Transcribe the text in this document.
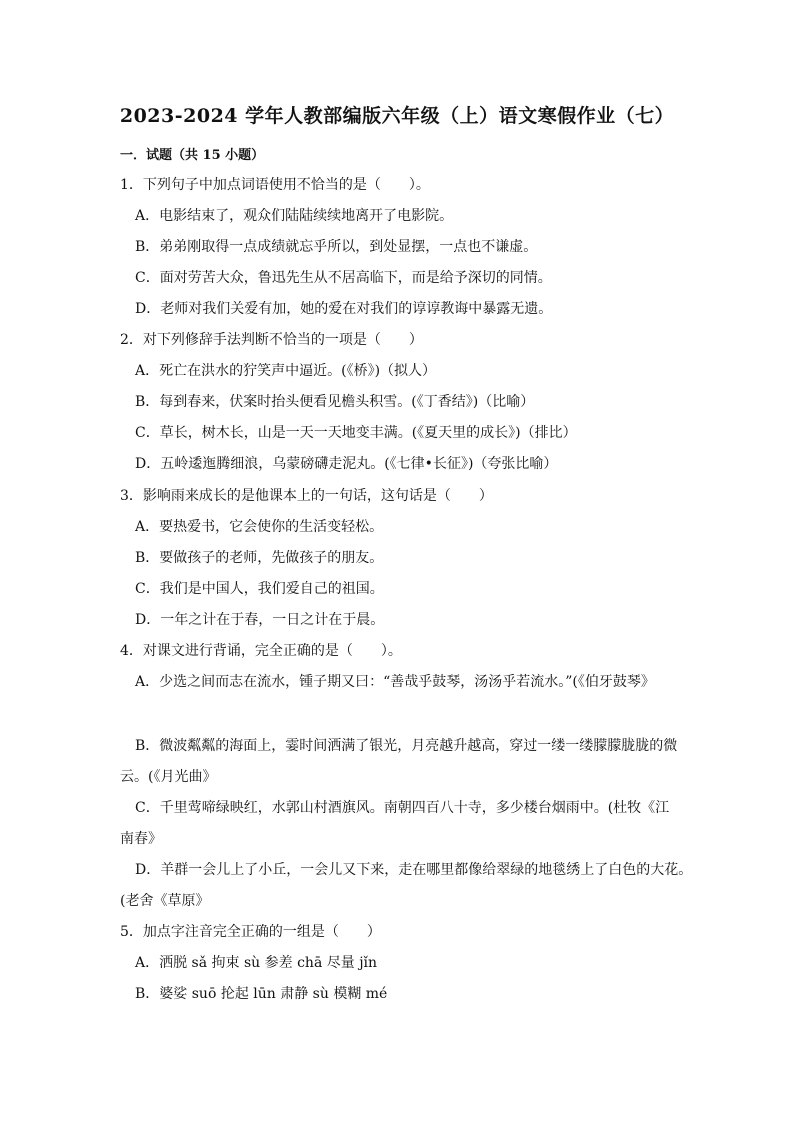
2023-2024 学年人教部编版六年级（上）语文寒假作业（七）
一．试题（共 15 小题）
1．下列句子中加点词语使用不恰当的是（　　）。
A．电影结束了，观众们陆陆续续地离开了电影院。
B．弟弟刚取得一点成绩就忘乎所以，到处显摆，一点也不谦虚。
C．面对劳苦大众，鲁迅先生从不居高临下，而是给予深切的同情。
D．老师对我们关爱有加，她的爱在对我们的谆谆教诲中暴露无遗。
2．对下列修辞手法判断不恰当的一项是（　　）
A．死亡在洪水的狞笑声中逼近。(《桥》)（拟人）
B．每到春来，伏案时抬头便看见檐头积雪。(《丁香结》)（比喻）
C．草长，树木长，山是一天一天地变丰满。(《夏天里的成长》)（排比）
D．五岭逶迤腾细浪，乌蒙磅礴走泥丸。(《七律•长征》)（夸张比喻）
3．影响雨来成长的是他课本上的一句话，这句话是（　　）
A．要热爱书，它会使你的生活变轻松。
B．要做孩子的老师，先做孩子的朋友。
C．我们是中国人，我们爱自己的祖国。
D．一年之计在于春，一日之计在于晨。
4．对课文进行背诵，完全正确的是（　　）。
A．少选之间而志在流水，锺子期又曰：“善哉乎鼓琴，汤汤乎若流水。”(《伯牙鼓琴》
B．微波粼粼的海面上，霎时间洒满了银光，月亮越升越高，穿过一缕一缕朦朦胧胧的微
云。(《月光曲》
C．千里莺啼绿映红，水郭山村酒旗风。南朝四百八十寺，多少楼台烟雨中。(杜牧《江
南春》
D．羊群一会儿上了小丘，一会儿又下来，走在哪里都像给翠绿的地毯绣上了白色的大花。
(老舍《草原》
5．加点字注音完全正确的一组是（　　）
A．洒脱 sǎ 拘束 sù 参差 chā 尽量 jǐn
B．婆娑 suō 抡起 lūn 肃静 sù 模糊 mé
